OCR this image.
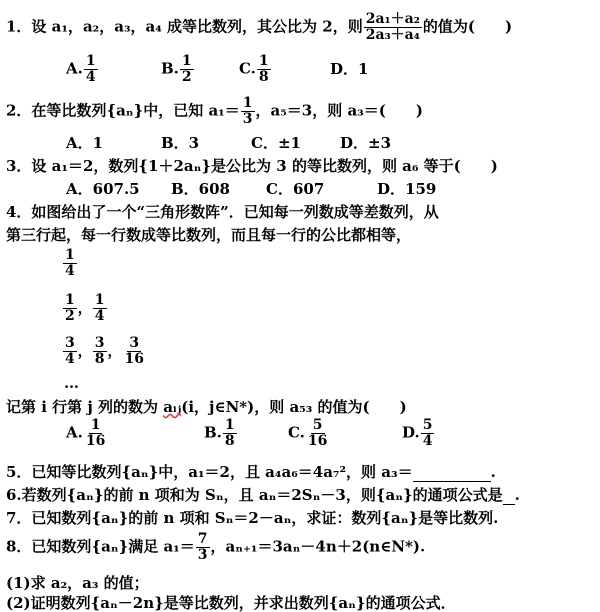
1．设 a₁，a₂，a₃，a₄ 成等比数列，其公比为 2，则 $\frac{\text{2a₁＋a₂}}{\text{2a₃＋a₄}}$ 的值为(　　)
A. $\frac{1}{4}$	B. $\frac{1}{2}$	C. $\frac{1}{8}$	D．1
2．在等比数列{aₙ}中，已知 $a_1= \frac{1}{3}$ ，a₅＝3，则 a₃＝(　　)
A．1	B．3	C．±1	D．±3
3．设 a₁＝2，数列{1＋2aₙ}是公比为 3 的等比数列，则 a₆ 等于(　　)
A．607.5 B．608 C．607	D．159
4．如图给出了一个“三角形数阵”．已知每一列数成等差数列，从
第三行起，每一行数成等比数列，而且每一行的公比都相等，
$\frac{1}{4}$
$\frac{1}{2}$ ， $\frac{1}{4}$
$\frac{3}{4}$ ， $\frac{3}{8}$ ， $\frac{3}{16}$
…
记第 i 行第 j 列的数为 aᵢⱼ(i，j∈N*)，则 a₅₃ 的值为(　　)
A. $\frac{1}{16}$	B. $\frac{1}{8}$	C. $\frac{5}{16}$	D. $\frac{5}{4}$
5．已知等比数列{aₙ}中，a₁＝2，且 a₄a₆＝4a₇²，则 a₃＝	.
6.若数列{aₙ}的前 n 项和为 Sₙ，且 aₙ＝2Sₙ－3，则{aₙ}的通项公式是 .
7．已知数列{aₙ}的前 n 项和 Sₙ＝2－aₙ，求证：数列{aₙ}是等比数列.
8．已知数列{aₙ}满足 $a_1= \frac{7}{3}$ ，aₙ₊₁＝3aₙ－4n＋2(n∈N*).
(1)求 a₂，a₃ 的值；
(2)证明数列{aₙ－2n}是等比数列，并求出数列{aₙ}的通项公式．
